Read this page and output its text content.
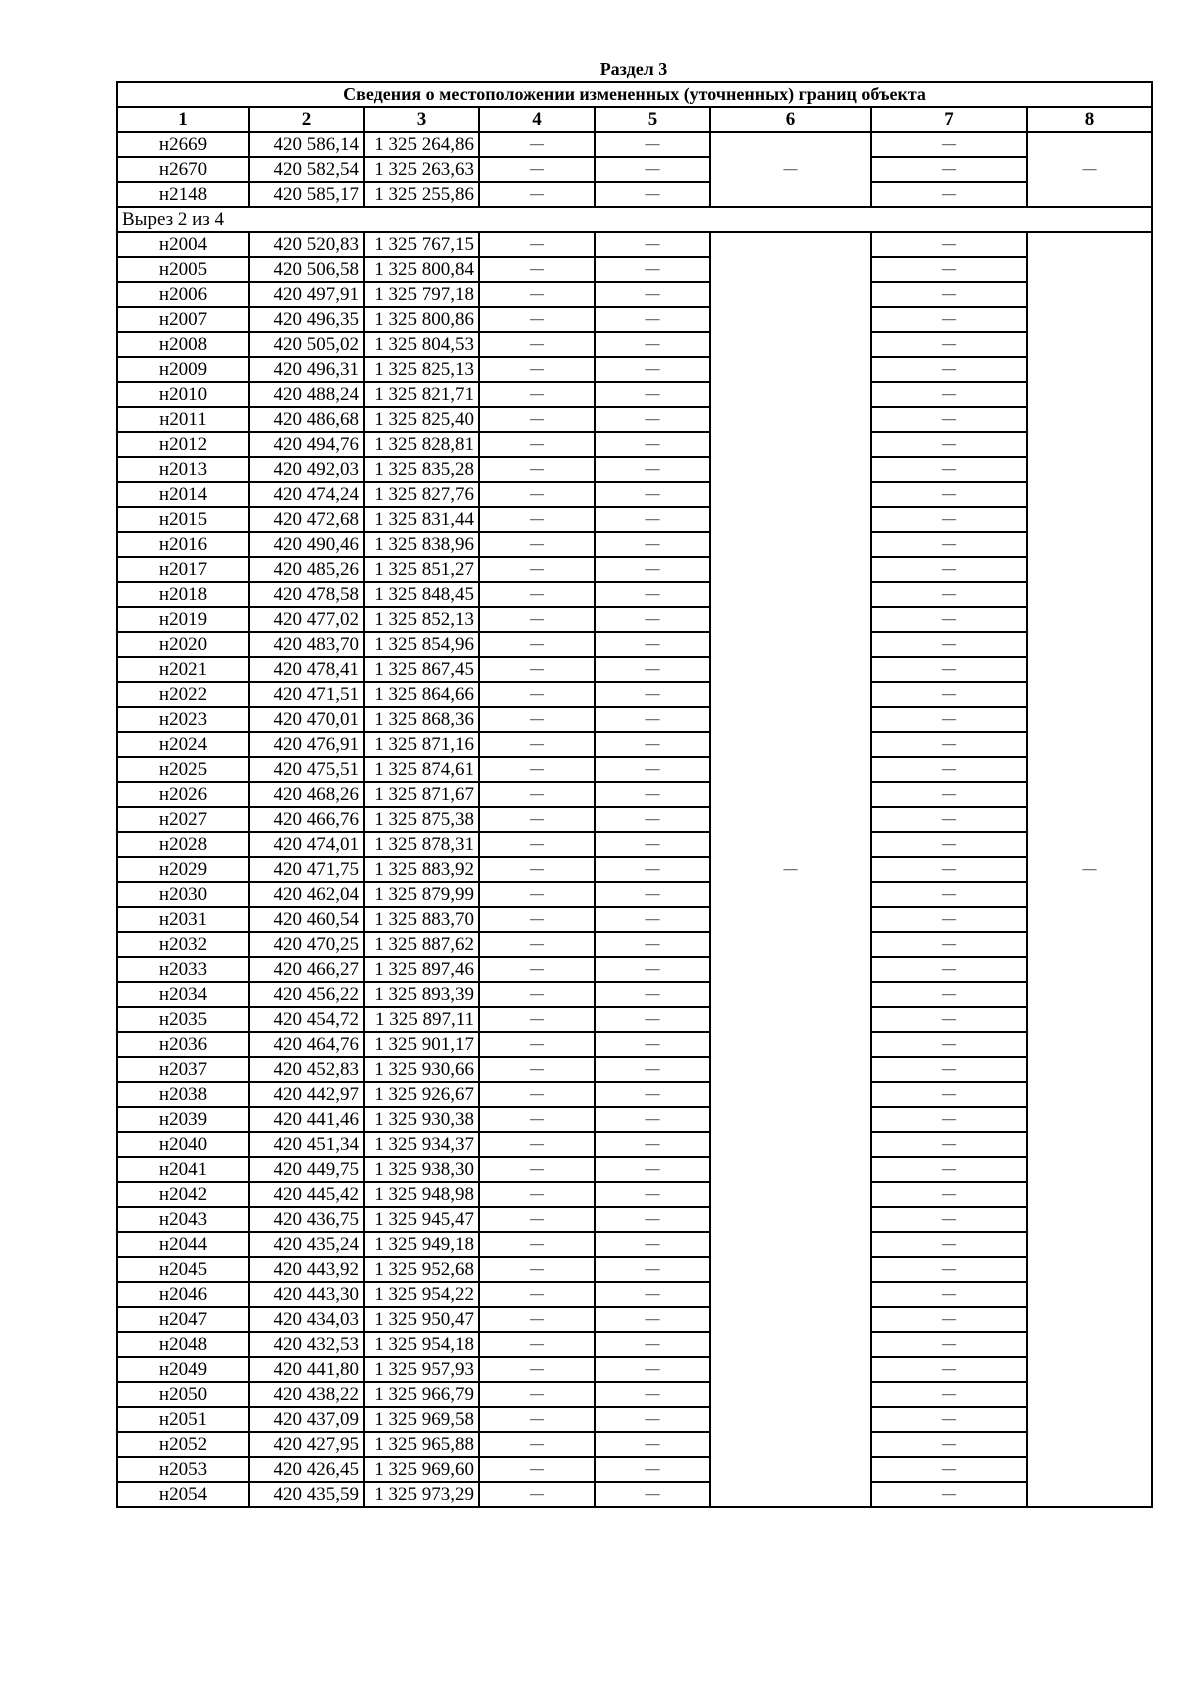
Раздел 3
Сведения о местоположении измененных (уточненных) границ объекта							
1	2	3	4	5	6	7	8
н2669	420 586,14	1 325 264,86	—	—	—	—	—
н2670	420 582,54	1 325 263,63	—	—		—	
н2148	420 585,17	1 325 255,86	—	—		—	
Вырез 2 из 4							
н2004	420 520,83	1 325 767,15	—	—	—	—	—
н2005	420 506,58	1 325 800,84	—	—		—	
н2006	420 497,91	1 325 797,18	—	—		—	
н2007	420 496,35	1 325 800,86	—	—		—	
н2008	420 505,02	1 325 804,53	—	—		—	
н2009	420 496,31	1 325 825,13	—	—		—	
н2010	420 488,24	1 325 821,71	—	—		—	
н2011	420 486,68	1 325 825,40	—	—		—	
н2012	420 494,76	1 325 828,81	—	—		—	
н2013	420 492,03	1 325 835,28	—	—		—	
н2014	420 474,24	1 325 827,76	—	—		—	
н2015	420 472,68	1 325 831,44	—	—		—	
н2016	420 490,46	1 325 838,96	—	—		—	
н2017	420 485,26	1 325 851,27	—	—		—	
н2018	420 478,58	1 325 848,45	—	—		—	
н2019	420 477,02	1 325 852,13	—	—		—	
н2020	420 483,70	1 325 854,96	—	—		—	
н2021	420 478,41	1 325 867,45	—	—		—	
н2022	420 471,51	1 325 864,66	—	—		—	
н2023	420 470,01	1 325 868,36	—	—		—	
н2024	420 476,91	1 325 871,16	—	—		—	
н2025	420 475,51	1 325 874,61	—	—		—	
н2026	420 468,26	1 325 871,67	—	—		—	
н2027	420 466,76	1 325 875,38	—	—		—	
н2028	420 474,01	1 325 878,31	—	—		—	
н2029	420 471,75	1 325 883,92	—	—		—	
н2030	420 462,04	1 325 879,99	—	—		—	
н2031	420 460,54	1 325 883,70	—	—		—	
н2032	420 470,25	1 325 887,62	—	—		—	
н2033	420 466,27	1 325 897,46	—	—		—	
н2034	420 456,22	1 325 893,39	—	—		—	
н2035	420 454,72	1 325 897,11	—	—		—	
н2036	420 464,76	1 325 901,17	—	—		—	
н2037	420 452,83	1 325 930,66	—	—		—	
н2038	420 442,97	1 325 926,67	—	—		—	
н2039	420 441,46	1 325 930,38	—	—		—	
н2040	420 451,34	1 325 934,37	—	—		—	
н2041	420 449,75	1 325 938,30	—	—		—	
н2042	420 445,42	1 325 948,98	—	—		—	
н2043	420 436,75	1 325 945,47	—	—		—	
н2044	420 435,24	1 325 949,18	—	—		—	
н2045	420 443,92	1 325 952,68	—	—		—	
н2046	420 443,30	1 325 954,22	—	—		—	
н2047	420 434,03	1 325 950,47	—	—		—	
н2048	420 432,53	1 325 954,18	—	—		—	
н2049	420 441,80	1 325 957,93	—	—		—	
н2050	420 438,22	1 325 966,79	—	—		—	
н2051	420 437,09	1 325 969,58	—	—		—	
н2052	420 427,95	1 325 965,88	—	—		—	
н2053	420 426,45	1 325 969,60	—	—		—	
н2054	420 435,59	1 325 973,29	—	—		—	
